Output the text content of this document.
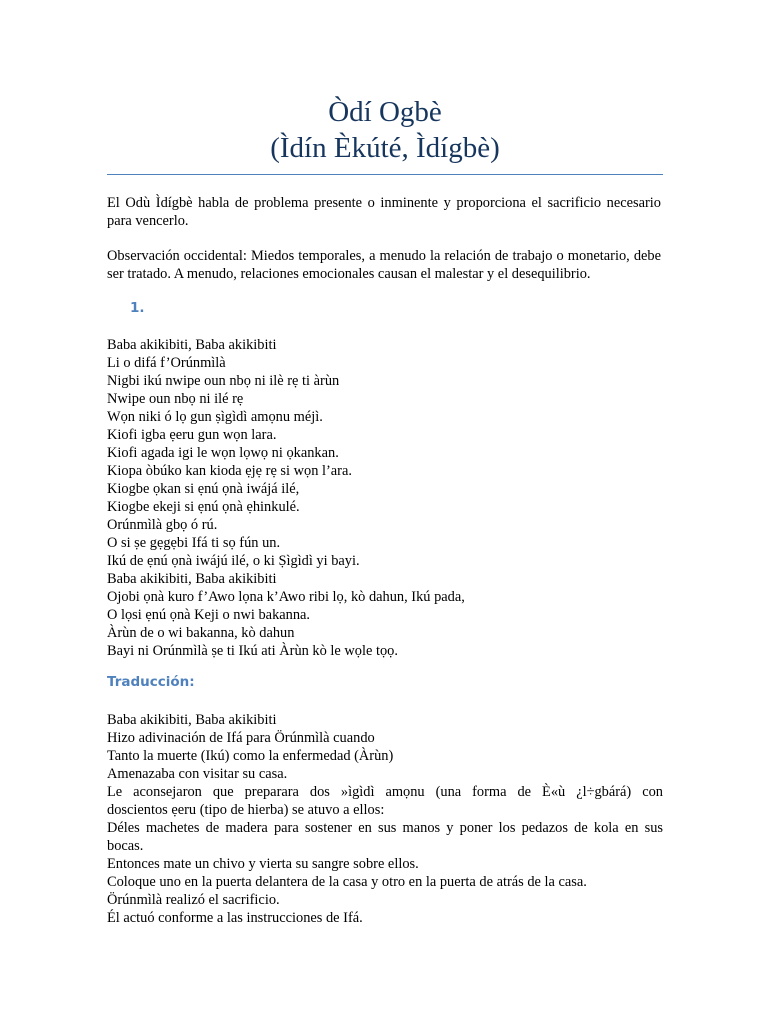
Òdí Ogbè
(Ìdín Èkúté, Ìdígbè)
El Odù Ìdígbè habla de problema presente o inminente y proporciona el sacrificio necesario para vencerlo.
Observación occidental: Miedos temporales, a menudo la relación de trabajo o monetario, debe ser tratado. A menudo, relaciones emocionales causan el malestar y el desequilibrio.
1.
Baba akikibiti, Baba akikibiti
Li o difá f’Orúnmìlà
Nigbi ikú nwipe oun nbọ ni ilè rẹ ti àrùn
Nwipe oun nbọ ni ilé rẹ
Wọn niki ó lọ gun ṣìgìdì amọnu méjì.
Kiofi igba ẹeru gun wọn lara.
Kiofi agada igi le wọn lọwọ ni ọkankan.
Kiopa òbúko kan kioda ẹjẹ rẹ si wọn l’ara.
Kiogbe ọkan si ẹnú ọnà iwájá ilé,
Kiogbe ekeji si ẹnú ọnà ẹhinkulé.
Orúnmìlà gbọ ó rú.
O si ṣe gẹgẹbi Ifá ti sọ fún un.
Ikú de ẹnú ọnà iwájú ilé, o ki Ṣìgìdì yi bayi.
Baba akikibiti, Baba akikibiti
Ojobi ọnà kuro f’Awo lọna k’Awo ribi lọ, kò dahun, Ikú pada,
O lọsi ẹnú ọnà Keji o nwi bakanna.
Àrùn de o wi bakanna, kò dahun
Bayi ni Orúnmìlà ṣe ti Ikú ati Àrùn kò le wọle tọọ.
Traducción:
Baba akikibiti, Baba akikibiti
Hizo adivinación de Ifá para Örúnmìlà cuando
Tanto la muerte (Ikú) como la enfermedad (Àrùn)
Amenazaba con visitar su casa.
Le aconsejaron que preparara dos »ìgìdì amọnu (una forma de È«ù ¿l÷gbárá) con
doscientos ẹeru (tipo de hierba) se atuvo a ellos:
Déles machetes de madera para sostener en sus manos y poner los pedazos de kola en sus
bocas.
Entonces mate un chivo y vierta su sangre sobre ellos.
Coloque uno en la puerta delantera de la casa y otro en la puerta de atrás de la casa.
Örúnmìlà realizó el sacrificio.
Él actuó conforme a las instrucciones de Ifá.
